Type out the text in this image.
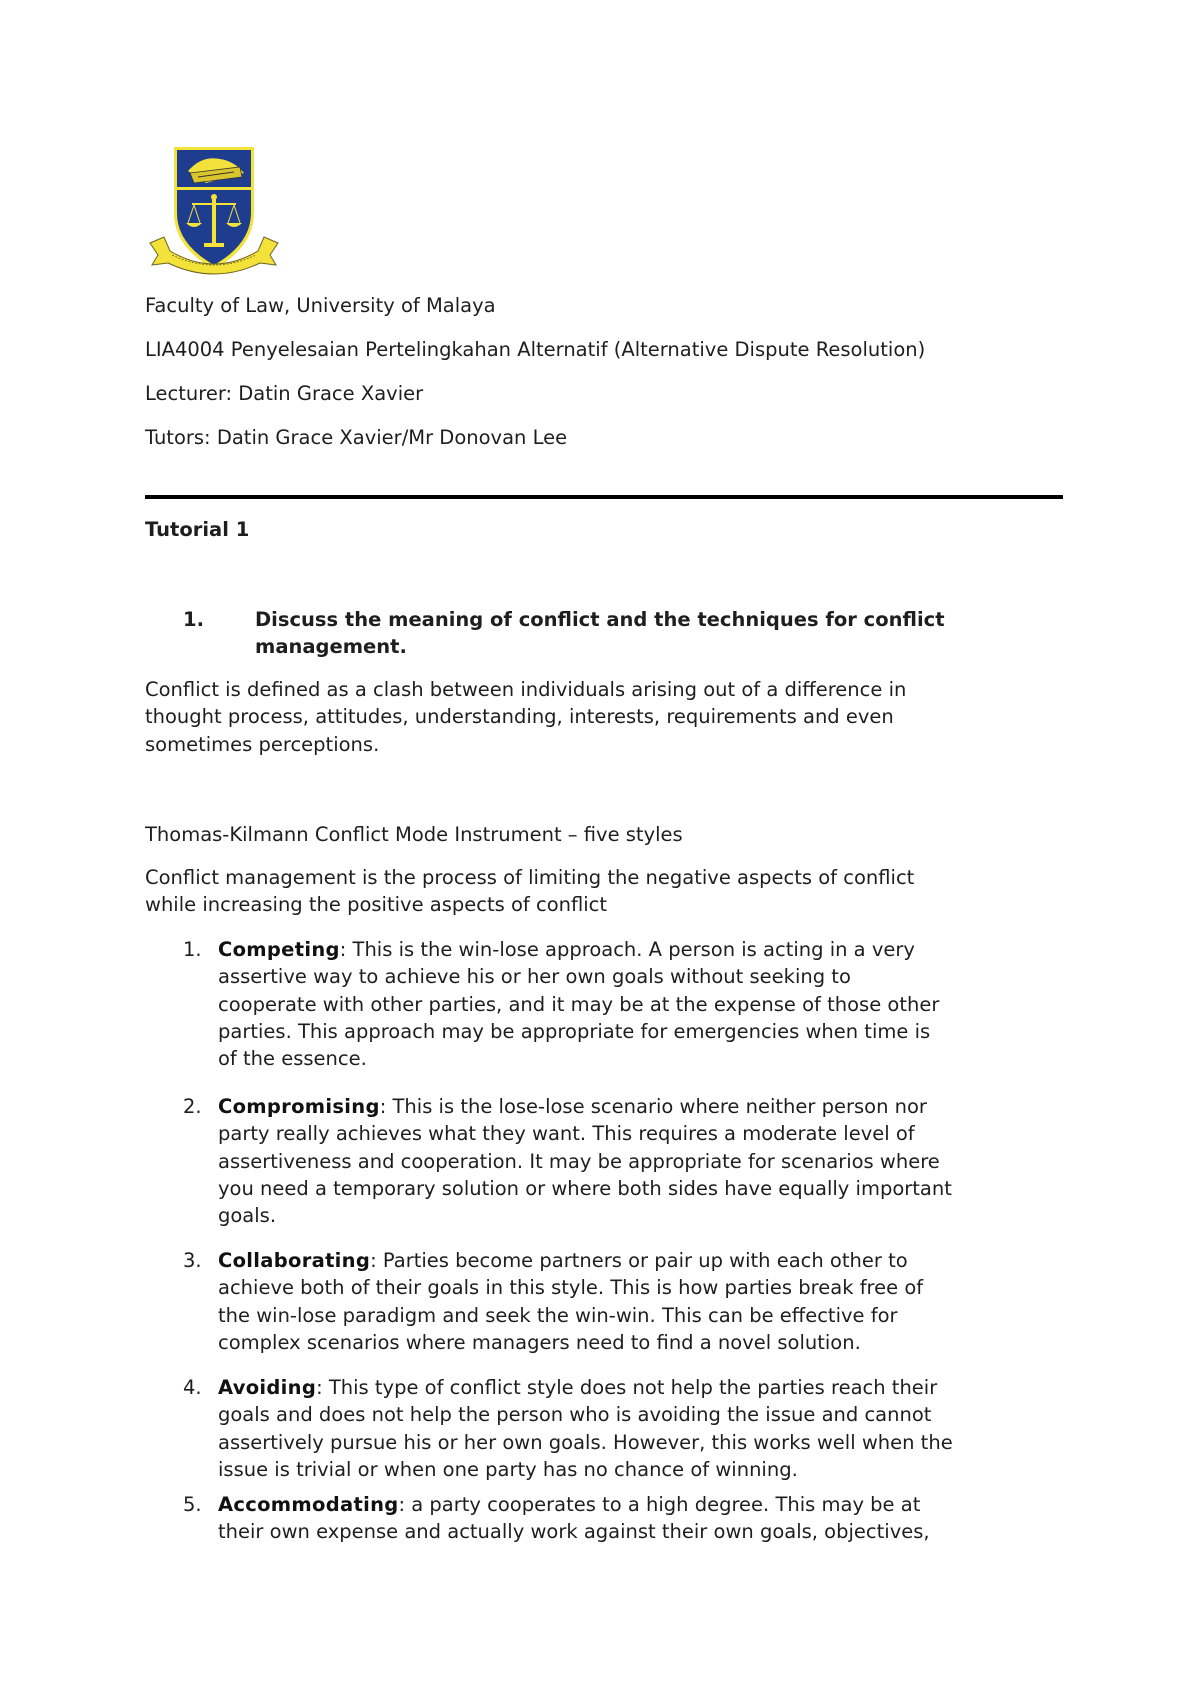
Faculty of Law, University of Malaya
LIA4004 Penyelesaian Pertelingkahan Alternatif (Alternative Dispute Resolution)
Lecturer: Datin Grace Xavier
Tutors: Datin Grace Xavier/Mr Donovan Lee
Tutorial 1
1.	Discuss the meaning of conflict and the techniques for conflict
management.
Conflict is defined as a clash between individuals arising out of a difference in
thought process, attitudes, understanding, interests, requirements and even
sometimes perceptions.
Thomas-Kilmann Conflict Mode Instrument – five styles
Conflict management is the process of limiting the negative aspects of conflict
while increasing the positive aspects of conflict
1. Competing: This is the win-lose approach. A person is acting in a very
assertive way to achieve his or her own goals without seeking to
cooperate with other parties, and it may be at the expense of those other
parties. This approach may be appropriate for emergencies when time is
of the essence.
2. Compromising: This is the lose-lose scenario where neither person nor
party really achieves what they want. This requires a moderate level of
assertiveness and cooperation. It may be appropriate for scenarios where
you need a temporary solution or where both sides have equally important
goals.
3. Collaborating: Parties become partners or pair up with each other to
achieve both of their goals in this style. This is how parties break free of
the win-lose paradigm and seek the win-win. This can be effective for
complex scenarios where managers need to find a novel solution.
4. Avoiding: This type of conflict style does not help the parties reach their
goals and does not help the person who is avoiding the issue and cannot
assertively pursue his or her own goals. However, this works well when the
issue is trivial or when one party has no chance of winning.
5. Accommodating: a party cooperates to a high degree. This may be at
their own expense and actually work against their own goals, objectives,
